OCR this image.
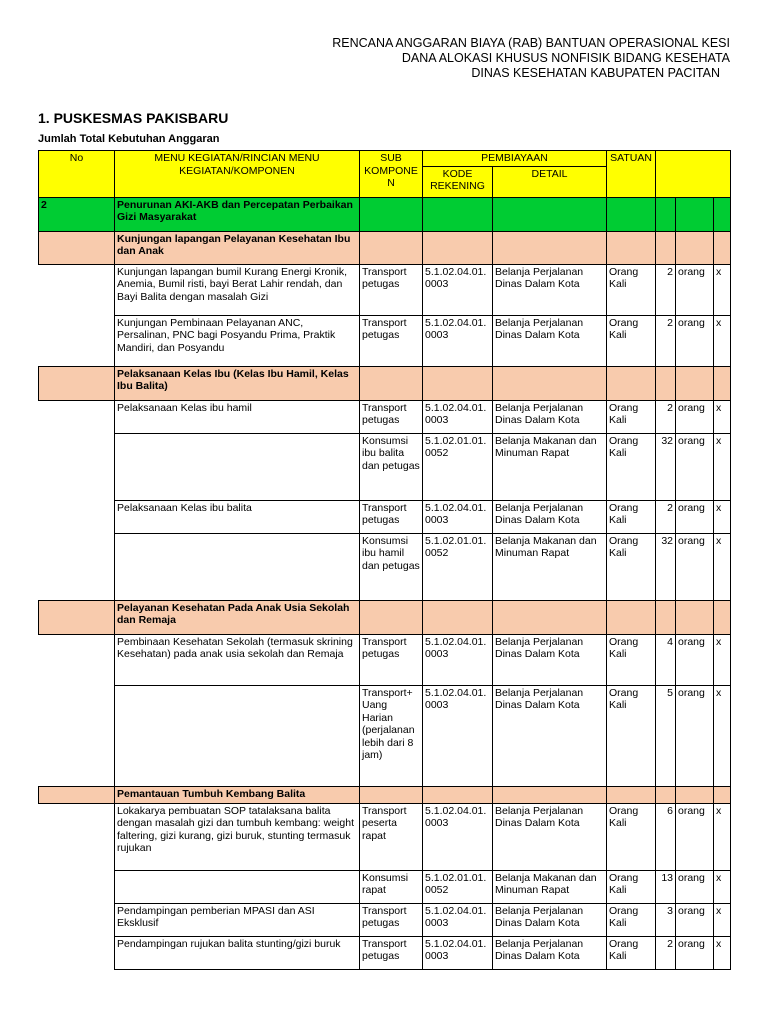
RENCANA ANGGARAN BIAYA (RAB) BANTUAN OPERASIONAL KESI
DANA ALOKASI KHUSUS NONFISIK BIDANG KESEHATA
DINAS KESEHATAN KABUPATEN PACITAN
1. PUSKESMAS PAKISBARU
Jumlah Total Kebutuhan Anggaran
No	MENU KEGIATAN/RINCIAN MENU KEGIATAN/KOMPONEN	SUB KOMPONE N	PEMBIAYAAN		SATUAN			
			KODE REKENING	DETAIL				
2	Penurunan AKI-AKB dan Percepatan Perbaikan Gizi Masyarakat							
	Kunjungan lapangan Pelayanan Kesehatan Ibu dan Anak							
	Kunjungan lapangan bumil Kurang Energi Kronik, Anemia, Bumil risti, bayi Berat Lahir rendah, dan Bayi Balita dengan masalah Gizi	Transport petugas	5.1.02.04.01. 0003	Belanja Perjalanan Dinas Dalam Kota	Orang Kali	2	orang	x
	Kunjungan Pembinaan Pelayanan ANC, Persalinan, PNC bagi Posyandu Prima, Praktik Mandiri, dan Posyandu	Transport petugas	5.1.02.04.01. 0003	Belanja Perjalanan Dinas Dalam Kota	Orang Kali	2	orang	x
	Pelaksanaan Kelas Ibu (Kelas Ibu Hamil, Kelas Ibu Balita)							
	Pelaksanaan Kelas ibu hamil	Transport petugas	5.1.02.04.01. 0003	Belanja Perjalanan Dinas Dalam Kota	Orang Kali	2	orang	x
		Konsumsi ibu balita dan petugas	5.1.02.01.01. 0052	Belanja Makanan dan Minuman Rapat	Orang Kali	32	orang	x
	Pelaksanaan Kelas ibu balita	Transport petugas	5.1.02.04.01. 0003	Belanja Perjalanan Dinas Dalam Kota	Orang Kali	2	orang	x
		Konsumsi ibu hamil dan petugas	5.1.02.01.01. 0052	Belanja Makanan dan Minuman Rapat	Orang Kali	32	orang	x
	Pelayanan Kesehatan Pada Anak Usia Sekolah dan Remaja							
	Pembinaan Kesehatan Sekolah (termasuk skrining Kesehatan) pada anak usia sekolah dan Remaja	Transport petugas	5.1.02.04.01. 0003	Belanja Perjalanan Dinas Dalam Kota	Orang Kali	4	orang	x
		Transport+ Uang Harian (perjalanan lebih dari 8 jam)	5.1.02.04.01. 0003	Belanja Perjalanan Dinas Dalam Kota	Orang Kali	5	orang	x
	Pemantauan Tumbuh Kembang Balita							
	Lokakarya pembuatan SOP tatalaksana balita dengan masalah gizi dan tumbuh kembang: weight faltering, gizi kurang, gizi buruk, stunting termasuk rujukan	Transport peserta rapat	5.1.02.04.01. 0003	Belanja Perjalanan Dinas Dalam Kota	Orang Kali	6	orang	x
		Konsumsi rapat	5.1.02.01.01. 0052	Belanja Makanan dan Minuman Rapat	Orang Kali	13	orang	x
	Pendampingan pemberian MPASI dan ASI Eksklusif	Transport petugas	5.1.02.04.01. 0003	Belanja Perjalanan Dinas Dalam Kota	Orang Kali	3	orang	x
	Pendampingan rujukan balita stunting/gizi buruk	Transport petugas	5.1.02.04.01. 0003	Belanja Perjalanan Dinas Dalam Kota	Orang Kali	2	orang	x
